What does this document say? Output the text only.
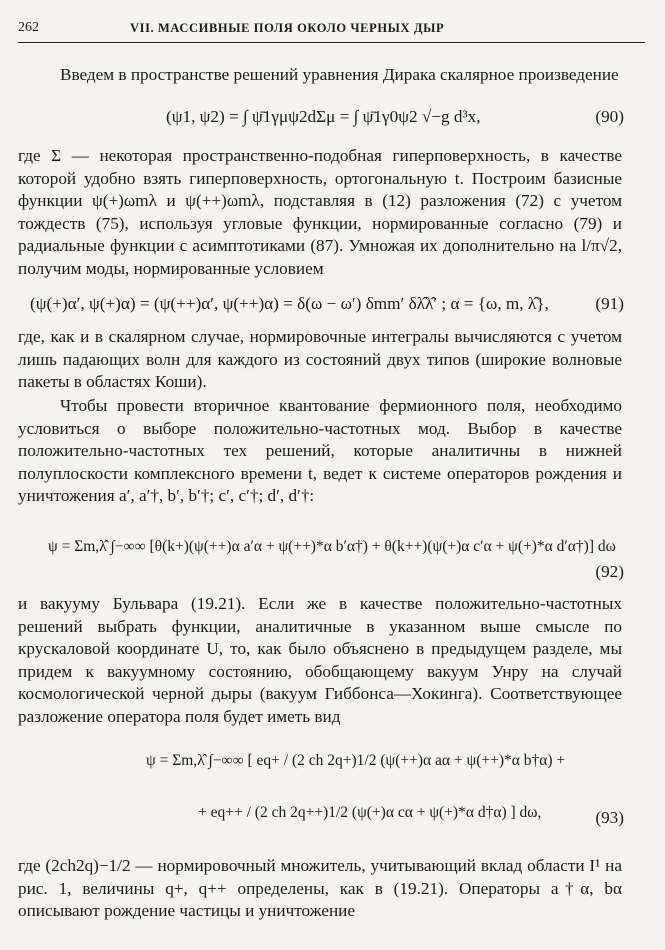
262	VII. МАССИВНЫЕ ПОЛЯ ОКОЛО ЧЕРНЫХ ДЫР

Введем в пространстве решений уравнения Дирака скалярное произведение

(ψ1, ψ2) = ∫ ψ̄1γμψ2dΣμ = ∫ ψ̄1γ0ψ2 √−g d³x,	(90)

где Σ — некоторая пространственно-подобная гиперповерхность, в качестве которой удобно взять гиперповерхность, ортогональную t. Построим базисные функции ψ(+)ωmλ и ψ(++)ωmλ, подставляя в (12) разложения (72) с учетом тождеств (75), используя угловые функции, нормированные согласно (79) и радиальные функции с асимптотиками (87). Умножая их дополнительно на l/π√2, получим моды, нормированные условием

(ψ(+)α′, ψ(+)α) = (ψ(++)α′, ψ(++)α) = δ(ω − ω′) δmm′ δλ̂λ̂′ ; α = {ω, m, λ̂},	(91)

где, как и в скалярном случае, нормировочные интегралы вычисляются с учетом лишь падающих волн для каждого из состояний двух типов (широкие волновые пакеты в областях Коши).

Чтобы провести вторичное квантование фермионного поля, необходимо условиться о выборе положительно-частотных мод. Выбор в качестве положительно-частотных тех решений, которые аналитичны в нижней полуплоскости комплексного времени t, ведет к системе операторов рождения и уничтожения a′, a′†, b′, b′†; c′, c′†; d′, d′†:

ψ = Σm,λ̂ ∫−∞∞ [θ(k+)(ψ(++)α a′α + ψ(++)*α b′α†) + θ(k++)(ψ(+)α c′α + ψ(+)*α d′α†)] dω
(92)

и вакууму Бульвара (19.21). Если же в качестве положительно-частотных решений выбрать функции, аналитичные в указанном выше смысле по крускаловой координате U, то, как было объяснено в предыдущем разделе, мы придем к вакуумному состоянию, обобщающему вакуум Унру на случай космологической черной дыры (вакуум Гиббонса—Хокинга). Соответствующее разложение оператора поля будет иметь вид

ψ = Σm,λ̂ ∫−∞∞ [ eq+ / (2 ch 2q+)1/2 (ψ(++)α aα + ψ(++)*α b†α) +
+ eq++ / (2 ch 2q++)1/2 (ψ(+)α cα + ψ(+)*α d†α) ] dω,	(93)

где (2ch2q)−1/2 — нормировочный множитель, учитывающий вклад области I¹ на рис. 1, величины q+, q++ определены, как в (19.21). Операторы a†α, bα описывают рождение частицы и уничтожение
